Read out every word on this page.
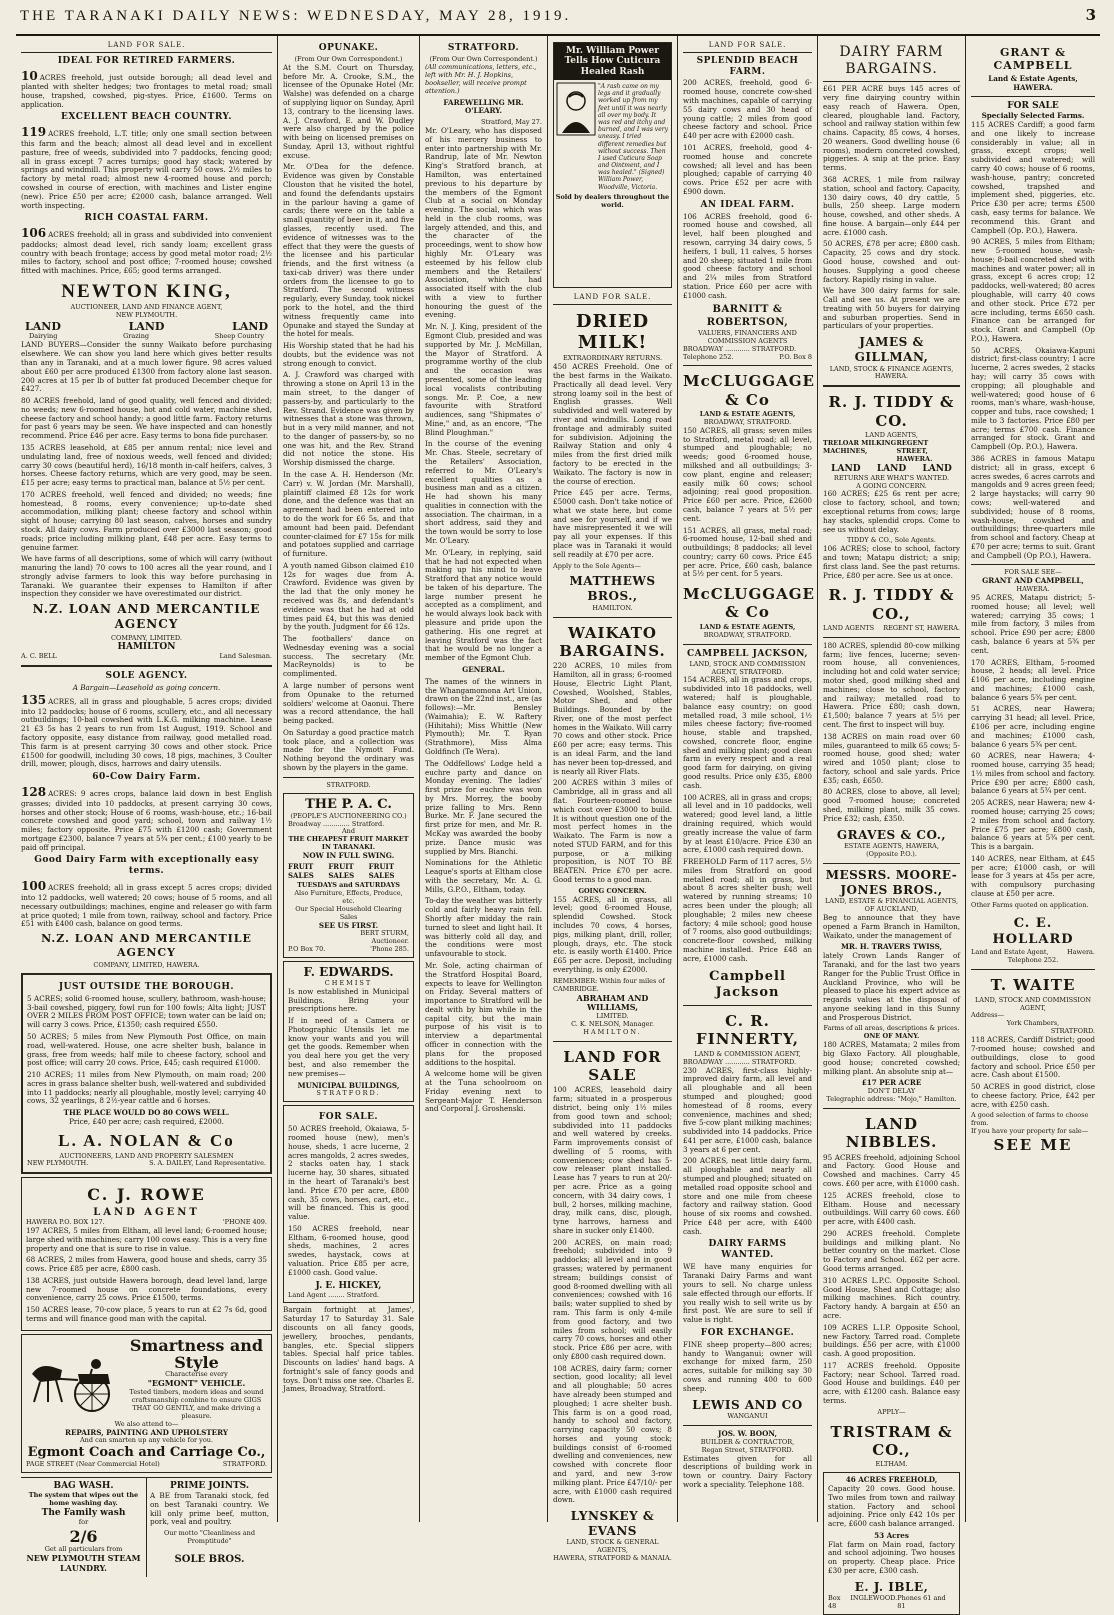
THE TARANAKI DAILY NEWS: WEDNESDAY, MAY 28, 1919.	3
LAND FOR SALE.
IDEAL FOR RETIRED FARMERS.

10 ACRES freehold, just outside borough; all dead level and planted with shelter hedges; two frontages to metal road; small house, trapshed, cowshed, pig-styes. Price, £1600. Terms on application.

EXCELLENT BEACH COUNTRY.

119 ACRES freehold, L.T. title; only one small section between this farm and the beach; almost all dead level and in excellent pasture, free of weeds, subdivided into 7 paddocks, fencing good; all in grass except 7 acres turnips; good hay stack; watered by springs and windmill. This property will carry 50 cows. 2½ miles to factory by metal road; almost new 4-roomed house and porch; cowshed in course of erection, with machines and Lister engine (new). Price £50 per acre; £2000 cash, balance arranged. Well worth inspecting.

RICH COASTAL FARM.

106 ACRES freehold; all in grass and subdivided into convenient paddocks; almost dead level, rich sandy loam; excellent grass country with beach frontage; access by good metal motor road; 2½ miles to factory, school and post office; 7-roomed house; cowshed fitted with machines. Price, £65; good terms arranged.

NEWTON KING,
AUCTIONEER, LAND AND FINANCE AGENT,
NEW PLYMOUTH.
LAND	LAND	LAND
Dairying	Grazing	Sheep Country

LAND BUYERS—Consider the sunny Waikato before purchasing elsewhere. We can show you land here which gives better results than any in Taranaki, and at a much lower figure. 98 acres valued about £60 per acre produced £1300 from factory alone last season. 200 acres at 15 per lb of butter fat produced December cheque for £427.

80 ACRES freehold, land of good quality, well fenced and divided; no weeds; new 6-roomed house, hot and cold water, machine shed, cheese factory and school handy; a good little farm. Factory returns for past 6 years may be seen. We have inspected and can honestly recommend. Price £46 per acre. Easy terms to bona fide purchaser.

135 ACRES leasehold, at £85 per annum rental; nice level and undulating land, free of noxious weeds, well fenced and divided; carry 30 cows (beautiful herd), 16/18 month in-calf heifers, calves, 3 horses. Cheese factory returns, which are very good, may be seen. £15 per acre; easy terms to practical man, balance at 5½ per cent.

170 ACRES freehold, well fenced and divided; no weeds; fine homestead, 8 rooms, every convenience; up-to-date shed accommodation, milking plant; cheese factory and school within sight of house; carrying 80 last season, calves, horses and sundry stock. All dairy cows. Farm produced over £3000 last season; good roads; price including milking plant, £48 per acre. Easy terms to genuine farmer.

We have farms of all descriptions, some of which will carry (without manuring the land) 70 cows to 100 acres all the year round, and I strongly advise farmers to look this way before purchasing in Taranaki. We guarantee their expenses to Hamilton if after inspection they consider we have overestimated our district.

N.Z. LOAN AND MERCANTILE AGENCY
COMPANY, LIMITED.
HAMILTON
A. C. BELL	Land Salesman.
SOLE AGENCY.
A Bargain—Leasehold as going concern.

135 ACRES, all in grass and ploughable, 5 acres crops; divided into 12 paddocks; house of 6 rooms, scullery, etc., and all necessary outbuildings; 10-bail cowshed with L.K.G. milking machine. Lease 21 £3 5s has 2 years to run from 1st August, 1919. School and factory opposite, easy distance from railway, good metalled road. This farm is at present carrying 30 cows and other stock. Price £1500 for goodwill, including 30 cows, 18 pigs, machines, 3 Coulter drill, mower, plough, discs, harrows and dairy utensils.

60-Cow Dairy Farm.

128 ACRES: 9 acres crops, balance laid down in best English grasses; divided into 10 paddocks, at present carrying 30 cows, horses and other stock; House of 6 rooms, wash-house, etc.; 16-bail concrete cowshed and good yard; school, town and railway 1½ miles; factory opposite. Price £75 with £1200 cash; Government mortgage £2300, balance 7 years at 5¾ per cent.; £100 yearly to be paid off principal.

Good Dairy Farm with exceptionally easy terms.

100 ACRES freehold; all in grass except 5 acres crops; divided into 12 paddocks, well watered; 20 cows; house of 5 rooms, and all necessary outbuildings; machines, engine and releaser go with farm at price quoted; 1 mile from town, railway, school and factory. Price £51 with £400 cash, balance on good terms.

N.Z. LOAN AND MERCANTILE AGENCY
COMPANY, LIMITED, HAWERA.
JUST OUTSIDE THE BOROUGH.

5 ACRES; solid 6-roomed house, scullery, bathroom, wash-house; 3-bail cowshed, piggery, fowl run for 100 fowls; Alta light; JUST OVER 2 MILES FROM POST OFFICE; town water can be laid on; will carry 3 cows. Price, £1350; cash required £550.

50 ACRES; 5 miles from New Plymouth Post Office, on main road, well-watered. House, one acre shelter bush, balance in grass, free from weeds; half mile to cheese factory, school and post office; will carry 20 cows. Price, £45; cash required £1000.

210 ACRES; 11 miles from New Plymouth, on main road; 200 acres in grass balance shelter bush, well-watered and subdivided into 11 paddocks; nearly all ploughable, mostly level; carrying 40 cows, 32 yearlings, 8 2½-year cattle and 6 horses.

THE PLACE WOULD DO 80 COWS WELL.
Price, £40 per acre; cash required, £2000.
L. A. NOLAN & Co
AUCTIONEERS, LAND AND PROPERTY SALESMEN
NEW PLYMOUTH.	S. A. DAILEY, Land Representative.
C. J. ROWE
LAND AGENT
HAWERA P.O. BOX 127.	'PHONE 409.

197 ACRES, 5 miles from Eltham, all level land; 6-roomed house; large shed with machines; carry 100 cows easy. This is a very fine property and one that is sure to rise in value.

68 ACRES, 2 miles from Hawera, good house and sheds, carry 35 cows. Price £85 per acre, £800 cash.

138 ACRES, just outside Hawera borough, dead level land, large new 7-roomed house on concrete foundations, every convenience, carry 25 cows. Price £1500, terms.

150 ACRES lease, 70-cow place, 5 years to run at £2 7s 6d, good terms and will finance good man with the capital.

Smartness and Style
Characterise every
"EGMONT" VEHICLE.
Tested timbers, modern ideas and sound craftsmanship combine to ensure GIGS THAT GO GENTLY, and make driving a pleasure.
We also attend to—
REPAIRS, PAINTING AND UPHOLSTERY
And can smarten up any vehicle for you.
Egmont Coach and Carriage Co.,
PAGE STREET (Near Commercial Hotel)	STRATFORD.
BAG WASH.
The system that wipes out the home washing day.
The Family wash
for
2/6
Get all particulars from
NEW PLYMOUTH STEAM LAUNDRY.
PRIME JOINTS.

A BE from Taranaki stock, fed on best Taranaki country. We kill only prime beef, mutton, pork, veal and poultry.

Our motto "Cleanliness and Promptitude"
SOLE BROS.
OPUNAKE.
(From Our Own Correspondent.)

At the S.M. Court on Thursday, before Mr. A. Crooke, S.M., the licensee of the Opunake Hotel (Mr. Walshe) was defended on a charge of supplying liquor on Sunday, April 13, contrary to the licensing laws. A. J. Crawford, E. and W. Dudley were also charged by the police with being on licensed premises on Sunday, April 13, without rightful excuse.

Mr. O'Dea for the defence. Evidence was given by Constable Clouston that he visited the hotel, and found the defendants upstairs in the parlour having a game of cards; there were on the table a small quantity of beer in it, and five glasses, recently used. The evidence of witnesses was to the effect that they were the guests of the licensee and his particular friends, and the first witness (a taxi-cab driver) was there under orders from the licensee to go to Stratford. The second witness regularly, every Sunday, took nickel pork to the hotel, and the third witness frequently came into Opunake and stayed the Sunday at the hotel for meals.

His Worship stated that he had his doubts, but the evidence was not strong enough to convict.

A. J. Crawford was charged with throwing a stone on April 13 in the main street, to the danger of passers-by, and particularly to the Rev. Strand. Evidence was given by witnesses that a stone was thrown, but in a very mild manner, and not to the danger of passers-by, so no one was hit, and the Rev. Strand did not notice the stone. His Worship dismissed the charge.

In the case A. H. Henderson (Mr. Carr) v. W. Jordan (Mr. Marshall), plaintiff claimed £8 12s for work done, and the defence was that an agreement had been entered into to do the work for £6 5s, and that amount had been paid. Defendant counter-claimed for £7 15s for milk and potatoes supplied and carriage of furniture.

A youth named Gibson claimed £10 12s for wages due from A. Crawford. Evidence was given by the lad that the only money he received was 8s, and defendant's evidence was that he had at odd times paid £4, but this was denied by the youth. Judgment for £6 12s.

The footballers' dance on Wednesday evening was a social success. The secretary (Mr. MacReynolds) is to be complimented.

A large number of persons went from Opunake to the returned soldiers' welcome at Oaonui. There was a record attendance, the hall being packed.

On Saturday a good practice match took place, and a collection was made for the Nymott Fund. Nothing beyond the ordinary was shown by the players in the game.

STRATFORD.
THE P. A. C.
(PEOPLE'S AUCTIONEERING CO.)
Broadway ............. Stratford.
And
THE CHEAPEST FRUIT MARKET IN TARANAKI.
NOW IN FULL SWING.
FRUIT SALES
FRUIT SALES
FRUIT SALES
TUESDAYS and SATURDAYS
Also Furniture, Effects, Produce, etc.
Our Special Household Clearing Sales
SEE US FIRST.
BERT STURM,
Auctioneer.
P.O Box 70.	'Phone 285.
F. EDWARDS.
CHEMIST

Is now established in Municipal Buildings. Bring your prescriptions here.

If in need of a Camera or Photographic Utensils let me know your wants and you will get the goods. Remember when you deal here you get the very best, and also remember the new premises—

MUNICIPAL BUILDINGS,
STRATFORD.
FOR SALE.

50 ACRES freehold, Okaiawa, 5-roomed house (new), men's house, sheds, 1 acre lucerne, 2 acres mangolds, 2 acres swedes, 2 stacks oaten hay, 1 stack lucerne hay, 30 shares, situated in the heart of Taranaki's best land. Price £70 per acre, £800 cash, 35 cows, horses, cart, etc., will be financed. This is good value.

150 ACRES freehold, near Eltham, 6-roomed house, good sheds, machines, 2 acres swedes, haystack, cows at valuation. Price £85 per acre, £1000 cash. Good value.

J. E. HICKEY,
Land Agent ........ Stratford.

Bargain fortnight at James', Saturday 17 to Saturday 31. Sale discounts on all fancy goods, jewellery, brooches, pendants, bangles, etc. Special slippers tables. Special half price tables. Discounts on ladies' hand bags. A fortnight's sale of fancy goods and toys. Don't miss one see. Charles E. James, Broadway, Stratford.

STRATFORD.
(From Our Own Correspondent.)
(All communications, letters, etc., left with Mr. H. J. Hopkins, bookseller, will receive prompt attention.)
FAREWELLING MR. O'LEARY.
Stratford, May 27.

Mr. O'Leary, who has disposed of his mercery business to enter into partnership with Mr. Randrup, late of Mr. Newton King's Stratford branch, at Hamilton, was entertained previous to his departure by the members of the Egmont Club at a social on Monday evening. The social, which was held in the club rooms, was largely attended, and this, and the character of the proceedings, went to show how highly Mr. O'Leary was esteemed by his fellow club members and the Retailers' Association, which had associated itself with the club with a view to further honouring the guest of the evening.

Mr. N. J. King, president of the Egmont Club, presided and was supported by Mr. J. McMillan, the Mayor of Stratford. A programme worthy of the club and the occasion was presented, some of the leading local vocalists contributing songs. Mr. P. Coe, a new favourite with Stratford audiences, sang "Shipmates o' Mine," and, as an encore, "The Blind Ploughman."

In the course of the evening Mr. Chas. Steele, secretary of the Retailers' Association, referred to Mr. O'Leary's excellent qualities as a business man and as a citizen. He had shown his many qualities in connection with the association. The chairman, in a short address, said they and the town would be sorry to lose Mr. O'Leary.

Mr. O'Leary, in replying, said that he had not expected when making up his mind to leave Stratford that any notice would be taken of his departure. The large number present he accepted as a compliment, and he would always look back with pleasure and pride upon the gathering. His one regret at leaving Stratford was the fact that he would be no longer a member of the Egmont Club.

GENERAL.

The names of the winners in the Whangamomona Art Union, drawn on the 22nd inst., are (as follows):—Mr. Bensley (Waimahia); E. W. Raftery (Hihitahi); Miss Whittle (New Plymouth); Mr. T. Ryan (Strathmore), Miss Alma Goldfinch (Te Wera).

The Oddfellows' Lodge held a euchre party and dance on Monday evening. The ladies' first prize for euchre was won by Mrs. Morrey, the booby prize falling to Mrs. Renn Burke. Mr. F. Jane secured the first prize for men, and Mr. R. McKay was awarded the booby prize. Dance music was supplied by Mrs. Bianchi.

Nominations for the Athletic League's sports at Eltham close with the secretary, Mr. A. G. Mills, G.P.O., Eltham, today.

To-day the weather was bitterly cold and fairly heavy rain fell. Shortly after midday the rain turned to sleet and light hail. It was bitterly cold all day, and the conditions were most unfavourable to stock.

Mr. Sole, acting chairman of the Stratford Hospital Board, expects to leave for Wellington on Friday. Several matters of importance to Stratford will be dealt with by him while in the capital city, but the main purpose of his visit is to interview a departmental officer in connection with the plans for the proposed additions to the hospital.

A welcome home will be given at the Tuna schoolroom on Friday evening next to Sergeant-Major T. Henderson and Corporal J. Groshenski.

Mr. William Power Tells How Cuticura Healed Rash
"A rash came on my legs and it gradually worked up from my feet until it was nearly all over my body. It was red and itchy and burned, and I was very uneasy. I tried different remedies but without success. Then I used Cuticura Soap and Ointment, and I was healed." (Signed) William Power, Woodville, Victoria.
Sold by dealers throughout the world.
LAND FOR SALE.
DRIED MILK!
EXTRAORDINARY RETURNS.

450 ACRES Freehold. One of the best farms in the Waikato. Practically all dead level. Very strong loamy soil in the best of English grasses. Well subdivided and well watered by river and windmills. Long road frontage and admirably suited for subdivision. Adjoining the Railway Station and only 4 miles from the first dried milk factory to be erected in the Waikato. The factory is now in the course of erection.

Price £45 per acre. Terms, £5000 cash. Don't take notice of what we state here, but come and see for yourself, and if we have misrepresented it we will pay all your expenses. If this place was in Taranaki it would sell readily at £70 per acre.

Apply to the Sole Agents—
MATTHEWS BROS.,
HAMILTON.
WAIKATO BARGAINS.

220 ACRES, 10 miles from Hamilton, all in grass; 6-roomed House, Electric Light Plant, Cowshed, Woolshed, Stables, Motor Shed, and other Buildings. Bounded by the River, one of the most perfect homes in the Waikato. Will carry 70 cows and other stock. Price £60 per acre; easy terms. This is an ideal Farm, and the land has never been top-dressed, and is nearly all River Flats.

200 ACRES within 3 miles of Cambridge, all in grass and all flat. Fourteen-roomed house which cost over £3000 to build. It is without question one of the most perfect homes in the Waikato. The Farm is now a noted STUD FARM, and for this purpose, or a milking proposition, is NOT TO BE BEATEN. Price £70 per acre. Good terms to a good man.

GOING CONCERN.

155 ACRES, all in grass, all level; good 6-roomed House, splendid Cowshed. Stock includes 70 cows, 4 horses, pigs, milking plant, drill, roller, plough, drays, etc. The stock etc. is easily worth £1400. Price £65 per acre. Deposit, including everything, is only £2000.

REMEMBER: Within four miles of CAMBRIDGE.
ABRAHAM AND WILLIAMS,
LIMITED.
C. K. NELSON, Manager.
HAMILTON.
LAND FOR SALE

100 ACRES, leasehold dairy farm; situated in a prosperous district, being only 1½ miles from good town and school; subdivided into 11 paddocks and well watered by creeks. Farm improvements consist of dwelling of 5 rooms, with conveniences; cow shed has 5-cow releaser plant installed. Lease has 7 years to run at 20/- per acre. Price as a going concern, with 34 dairy cows, 1 bull, 2 horses, milking machine, dray, milk cans, disc, plough, tyne harrows, harness and share in sucker only £1400.

200 ACRES, on main road; freehold; subdivided into 9 paddocks; all level and in good grasses; watered by permanent stream; buildings consist of good 8-roomed dwelling with all conveniences; cowshed with 16 bails; water supplied to shed by ram. This farm is only 4-mile from good factory, and two miles from school; will easily carry 70 cows, horses and other stock. Price £86 per acre, with only £800 cash required down.

108 ACRES, dairy farm; corner section, good locality; all level and all ploughable; 50 acres have already been stumped and ploughed; 1 acre shelter bush. This farm is on a good road, handy to school and factory, carrying capacity 50 cows; 8 horses and young stock; buildings consist of 6-roomed dwelling and conveniences, new cowshed with concrete floor and yard, and new 3-row milking plant. Price £47/10/- per acre, with £1000 cash required down.

LYNSKEY & EVANS
LAND, STOCK & GENERAL AGENTS,
HAWERA, STRATFORD & MANAIA.
LAND FOR SALE.
SPLENDID BEACH FARM.

200 ACRES, freehold, good 6-roomed house, concrete cow-shed with machines, capable of carrying 55 dairy cows and 30 head of young cattle; 2 miles from good cheese factory and school. Price £40 per acre with £2000 cash.

101 ACRES, freehold, good 4-roomed house and concrete cowshed; all level and has been ploughed; capable of carrying 40 cows. Price £52 per acre with £900 down.

AN IDEAL FARM.

106 ACRES freehold, good 6-roomed house and cowshed, all level, half been ploughed and resown, carrying 34 dairy cows, 5 heifers, 1 bull, 11 calves, 5 horses and 20 sheep; situated 1 mile from good cheese factory and school and 2¼ miles from Stratford station. Price £60 per acre with £1000 cash.

BARNITT & ROBERTSON,
VALUERS, FINANCIERS AND COMMISSION AGENTS
BROADWAY ............ STRATFORD.
Telephone 252.	P.O. Box 8
McCLUGGAGE & Co
LAND & ESTATE AGENTS,
BROADWAY, STRATFORD.

150 ACRES, all grass; seven miles to Stratford, metal road; all level, stumped and ploughable; no weeds; good 6-roomed house, milkshed and all outbuildings; 3-cow plant, engine and releaser; easily milk 60 cows; school adjoining; real good proposition. Price £60 per acre. Price, £2600 cash, balance 7 years at 5½ per cent.

151 ACRES, all grass, metal road; 6-roomed house, 12-bail shed and outbuildings; 8 paddocks; all level country; carry 60 cows. Price £45 per acre. Price, £60 cash, balance at 5½ per cent. for 5 years.

McCLUGGAGE & Co
LAND & ESTATE AGENTS,
BROADWAY, STRATFORD.
CAMPBELL JACKSON,
LAND, STOCK AND COMMISSION AGENT, STRATFORD.

154 ACRES, all in grass and crops, subdivided into 18 paddocks, well watered; half is ploughable, balance easy country; on good metalled road, 3 mile school, 1½ miles cheese factory; five-roomed house, stable and trapshed, cowshed, concrete floor, engine shed and milking plant; good clean farm in every respect and a real good farm for dairying, on giving good results. Price only £35, £800 cash.

100 ACRES, all in grass and crops; all level and in 10 paddocks, well watered; good level land, a little draining required, which would greatly increase the value of farm by at least £10/acre. Price £30 an acre, £1000 cash required down.

FREEHOLD Farm of 117 acres, 5½ miles from Stratford on good metalled road; all in grass, but about 8 acres shelter bush; well watered by running streams; 10 acres been under the plough; all ploughable; 2 miles new cheese factory; 4 mile school; good house of 7 rooms, also good outbuildings; concrete-floor cowshed, milking machine installed. Price £48 an acre, £1000 cash.

Campbell Jackson
C. R. FINNERTY,
LAND & COMMISSION AGENT,
BROADWAY ............ STRATFORD.

230 ACRES, first-class highly-improved dairy farm, all level and all ploughable and all been stumped and ploughed; good homestead of 8 rooms, every convenience, machines and shed; five 5-cow plant milking machines; subdivided into 14 paddocks. Price £41 per acre, £1000 cash, balance 3 years at 6 per cent.

200 ACRES, neat little dairy farm, all ploughable and nearly all stumped and ploughed; situated on metalled road opposite school and store and one mile from cheese factory and railway station. Good house of six rooms and cowshed. Price £48 per acre, with £400 cash.

DAIRY FARMS WANTED.

WE have many enquiries for Taranaki Dairy Farms and want yours to sell. No charge unless sale effected through our efforts. If you really wish to sell write us by first post. We are sure to sell if value is right.

FOR EXCHANGE.

FINE sheep property—800 acres; handy to Wanganui; owner will exchange for mixed farm, 250 acres, suitable for milking say 30 cows and running 400 to 600 sheep.

LEWIS AND CO
WANGANUI
JOS. W. BOON,
BUILDER & CONTRACTOR,
Regan Street, STRATFORD.

Estimates given for all descriptions of building work in town or country. Dairy Factory work a speciality. Telephone 188.

DAIRY FARM BARGAINS.

£61 PER ACRE buys 145 acres of very fine dairying country within easy reach of Hawera. Open, cleared, ploughable land. Factory, school and railway station within few chains. Capacity, 85 cows, 4 horses, 20 weaners. Good dwelling house (6 rooms), modern concreted cowshed, piggeries. A snip at the price. Easy terms.

368 ACRES, 1 mile from railway station, school and factory. Capacity, 130 dairy cows, 40 dry cattle, 5 bulls, 250 sheep. Large modern house, cowshed, and other sheds. A fine house. A bargain—only £44 per acre. £1000 cash.

50 ACRES, £78 per acre; £800 cash. Capacity, 25 cows and dry stock. Good house, cowshed and out-houses. Supplying a good cheese factory. Rapidly rising in value.

We have 300 dairy farms for sale. Call and see us. At present we are treating with 50 buyers for dairying and suburban properties. Send in particulars of your properties.

JAMES & GILLMAN,
LAND, STOCK & FINANCE AGENTS, HAWERA.
R. J. TIDDY & CO.
LAND AGENTS,
TRELOAR MILKING MACHINES,
REGENT STREET, HAWERA.
LAND LAND LAND
RETURNS ARE WHAT'S WANTED.
A GOING CONCERN.

160 ACRES; £25 6s rent per acre; close to factory, school, and town; exceptional returns from cows; large hay stacks, splendid crops. Come to see us without delay.

TIDDY & CO., Sole Agents.

106 ACRES; close to school, factory and town; Matapu district; a snip; first class land. See the past returns. Price, £80 per acre. See us at once.

R. J. TIDDY & CO.,
LAND AGENTS REGENT ST, HAWERA.

180 ACRES, splendid 80-cow milking farm; live fences, lucerne; seven-room house, all conveniences, including hot and cold water service; motor shed, good milking shed and machines; close to school, factory and railway; metalled road to Hawera. Price £80; cash down, £1,500; balance 7 years at 5½ per cent. The first to inspect will buy.

138 ACRES on main road over 60 miles, guaranteed to milk 65 cows; 5-roomed house, good shed; water wired and 1050 plant; close to factory, school and sale yards. Price £35; cash, £650.

80 ACRES, close to above, all level; good 7-roomed house; concreted shed, milking plant, milk 35 cows. Price £32; cash, £350.

GRAVES & CO.,
ESTATE AGENTS, HAWERA,
(Opposite P.O.).
MESSRS. MOORE-JONES BROS.,
LAND, ESTATE & FINANCIAL AGENTS, OF AUCKLAND,

Beg to announce that they have opened a Farm Branch in Hamilton, Waikato, under the management of

MR. H. TRAVERS TWISS,

lately Crown Lands Ranger of Taranaki, and for the last two years Ranger for the Public Trust Office in Auckland Province, who will be pleased to place his expert advice as regards values at the disposal of anyone seeking land in this Sunny and Prosperous District.

Farms of all areas, descriptions & prices.
ONE OF MANY.

180 ACRES, Matamata; 2 miles from big Glaxo Factory. All ploughable, good house; concreted cowshed; milking plant. An absolute snip at—

£17 PER ACRE
DON'T DELAY
Telegraphic address: "Mojo," Hamilton.
LAND NIBBLES.

95 ACRES freehold, adjoining School and Factory. Good House and Cowshed and machines. Carry 45 cows. £60 per acre, with £1000 cash.

125 ACRES freehold, close to Eltham. House and necessary outbuildings. Will carry 60 cows. £60 per acre, with £400 cash.

290 ACRES freehold. Complete buildings and milking plant. No better country on the market. Close to Factory and School. £62 per acre. Good terms arranged.

310 ACRES L.P.C. Opposite School. Good House, Shed and Cottage; also milking machines. Rich country. Factory handy. A bargain at £50 an acre.

109 ACRES L.I.P. Opposite School, new Factory. Tarred road. Complete buildings. £56 per acre, with £1000 cash. A good proposition.

117 ACRES freehold. Opposite Factory; near School. Tarred road. Good House and buildings. £40 per acre, with £1200 cash. Balance easy terms.

APPLY—
TRISTRAM & CO.,
ELTHAM.
46 ACRES FREEHOLD,

Capacity 20 cows. Good house. Two miles from town and railway station. Factory and school adjoining. Price only £42 10s per acre, £600 cash balance arranged.

53 Acres

Flat farm on Main road, factory and school adjoining. Two houses on property. Cheap place. Price £30 per acre, £300 cash.

E. J. IBLE,
Box 48
INGLEWOOD. Phones 61 and 81
GRANT & CAMPBELL
Land & Estate Agents,
HAWERA.
FOR SALE
Specially Selected Farms.

115 ACRES Cardiff; a good farm and one likely to increase considerably in value; all in grass, except crops; well subdivided and watered; will carry 40 cows; house of 6 rooms, wash-house, pantry; concreted cowshed, trapshed and implement shed, piggeries, etc. Price £30 per acre; terms £500 cash, easy terms for balance. We recommend this. Grant and Campbell (Op. P.O.), Hawera.

90 ACRES, 5 miles from Eltham; new 5-roomed house, wash-house; 8-bail concreted shed with machines and water power; all in grass, except 6 acres crop; 12 paddocks, well-watered; 80 acres ploughable, will carry 40 cows and other stock. Price £72 per acre including, terms £650 cash. Finance can be arranged for stock. Grant and Campbell (Op P.O.), Hawera.

50 ACRES, Okaiawa-Kapuni district; first-class country; 1 acre lucerne, 2 acres swedes, 2 stacks hay; will carry 35 cows with cropping; all ploughable and well-watered; good house of 6 rooms, man's whare, wash-house, copper and tubs, race cowshed; 1 mile to 3 factories. Price £80 per acre; terms £700 cash. Finance arranged for stock. Grant and Campbell (Op. P.O.), Hawera.

386 ACRES in famous Matapu district; all in grass, except 6 acres swedes, 6 acres carrots and mangolds and 9 acres green feed; 2 large haystacks; will carry 90 cows; well-watered and subdivided; house of 8 rooms, wash-house, cowshed and outbuildings; three-quarters mile from school and factory. Cheap at £70 per acre; terms to suit. Grant and Campbell (Op P.O.), Hawera.

FOR SALE SEE—
GRANT AND CAMPBELL,
HAWERA.

95 ACRES, Matapu district; 5-roomed house; all level; well watered; carrying 35 cows; 1 mile from factory, 3 miles from school. Price £90 per acre; £800 cash, balance 6 years at 5¾ per cent.

170 ACRES, Eltham, 5-roomed house, 2 heads; all level. Price £106 per acre, including engine and machines; £1000 cash, balance 6 years 5¾ per cent.

51 ACRES, near Hawera; carrying 31 head; all level. Price, £106 per acre, including engine and machines; £1000 cash, balance 6 years 5¾ per cent.

60 ACRES, near Hawera; 4-roomed house, carrying 35 head; 1½ miles from school and factory. Price £90 per acre; £800 cash, balance 6 years at 5¾ per cent.

205 ACRES, near Hawera; new 4-roomed house; carrying 25 cows; 2 miles from school and factory. Price £75 per acre; £800 cash, balance 6 years at 5¾ per cent. This is a bargain.

140 ACRES, near Eltham, at £45 per acre; £1000 cash, or will lease for 3 years at 45s per acre, with compulsory purchasing clause at £50 per acre.

Other Farms quoted on application.
C. E. HOLLARD
Land and Estate Agent,	Hawera.
Telephone 252.
T. WAITE
LAND, STOCK AND COMMISSION AGENT,
Address—
York Chambers,
STRATFORD.

118 ACRES, Cardiff District; good 7-roomed house; cowshed and outbuildings, close to good factory and school. Price £50 per acre. Cash about £1500.

50 ACRES in good district, close to cheese factory. Price, £42 per acre, with £250 cash.

A good selection of farms to choose from.
If you have your property for sale—
SEE ME
